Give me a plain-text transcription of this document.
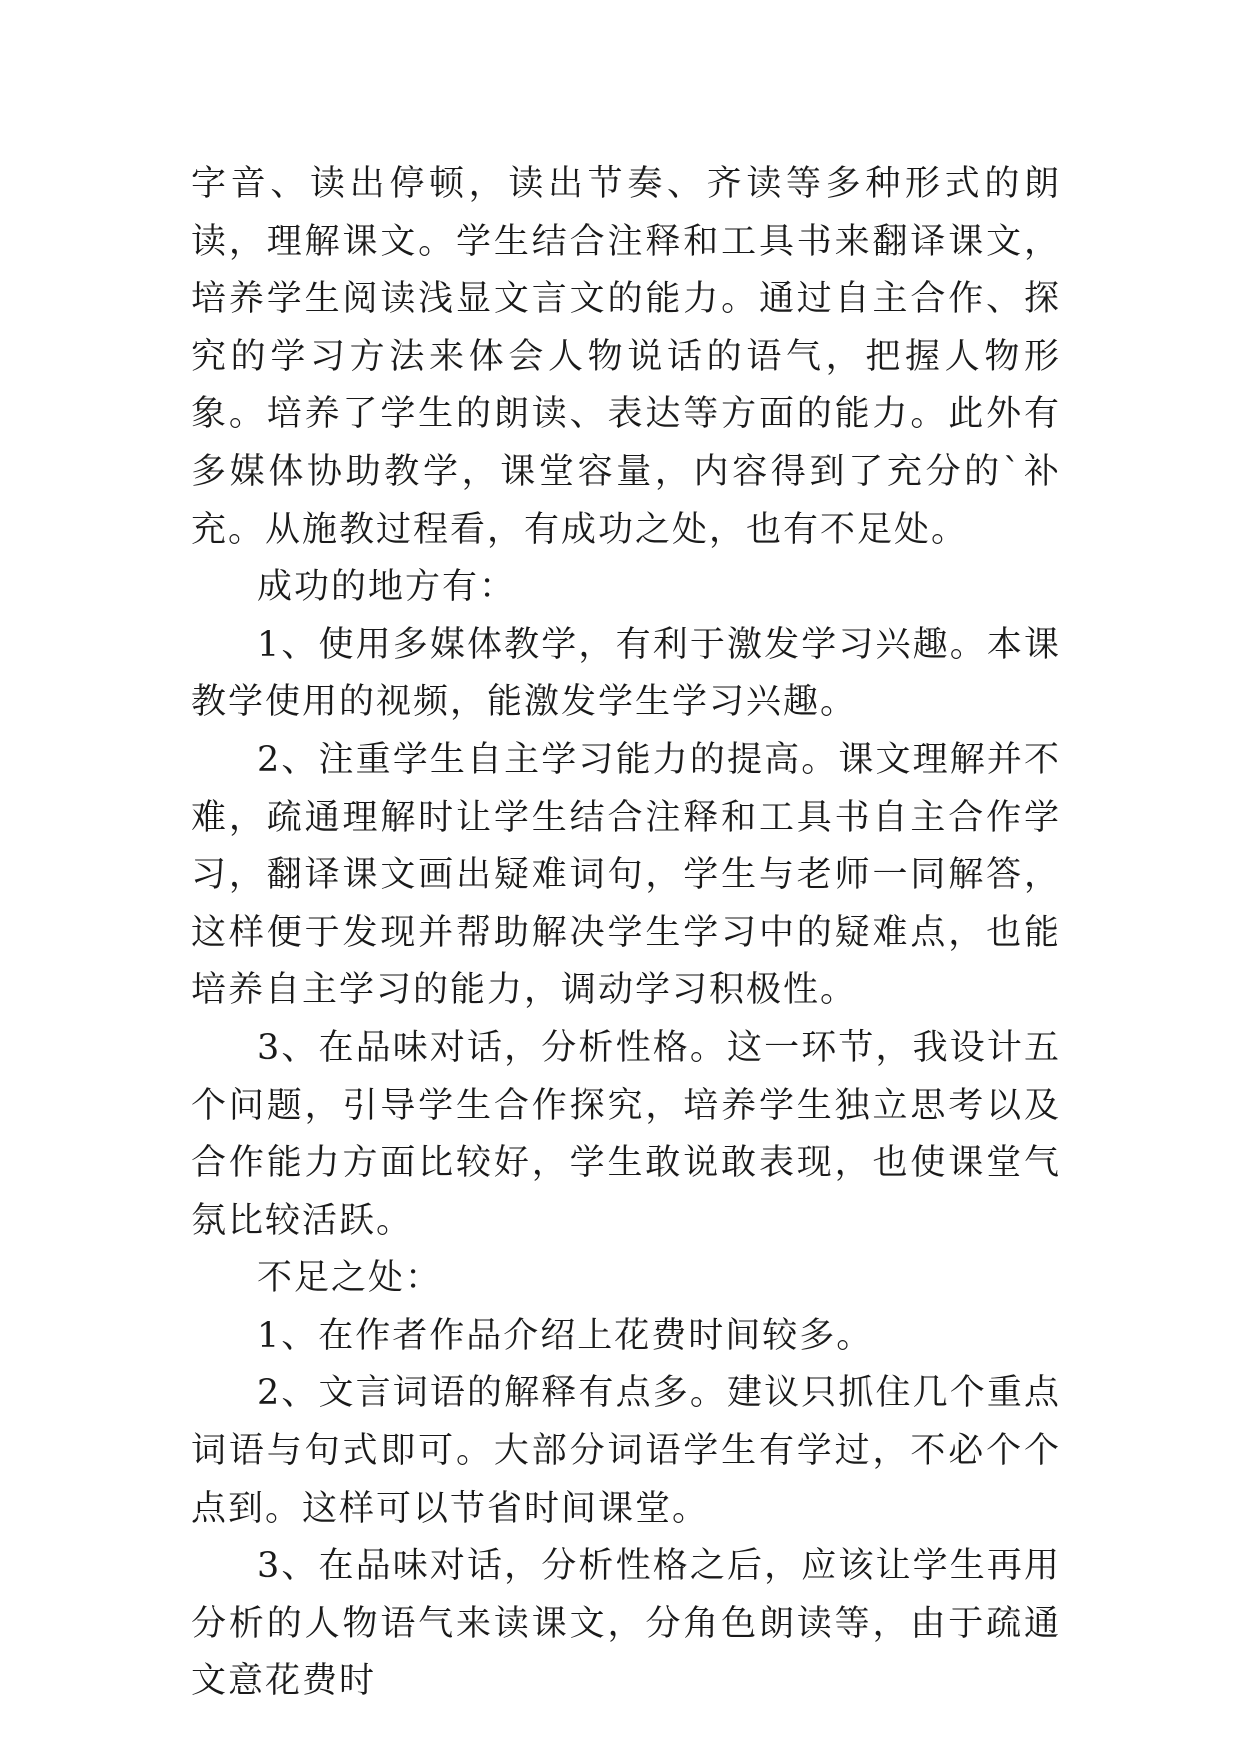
字音、读出停顿，读出节奏、齐读等多种形式的朗读，理解课文。学生结合注释和工具书来翻译课文，培养学生阅读浅显文言文的能力。通过自主合作、探究的学习方法来体会人物说话的语气，把握人物形象。培养了学生的朗读、表达等方面的能力。此外有多媒体协助教学，课堂容量，内容得到了充分的`补充。从施教过程看，有成功之处，也有不足处。

成功的地方有：

1、使用多媒体教学，有利于激发学习兴趣。本课教学使用的视频，能激发学生学习兴趣。

2、注重学生自主学习能力的提高。课文理解并不难，疏通理解时让学生结合注释和工具书自主合作学习，翻译课文画出疑难词句，学生与老师一同解答，这样便于发现并帮助解决学生学习中的疑难点，也能培养自主学习的能力，调动学习积极性。

3、在品味对话，分析性格。这一环节，我设计五个问题，引导学生合作探究，培养学生独立思考以及合作能力方面比较好，学生敢说敢表现，也使课堂气氛比较活跃。

不足之处：

1、在作者作品介绍上花费时间较多。

2、文言词语的解释有点多。建议只抓住几个重点词语与句式即可。大部分词语学生有学过，不必个个点到。这样可以节省时间课堂。

3、在品味对话，分析性格之后，应该让学生再用分析的人物语气来读课文，分角色朗读等，由于疏通文意花费时
